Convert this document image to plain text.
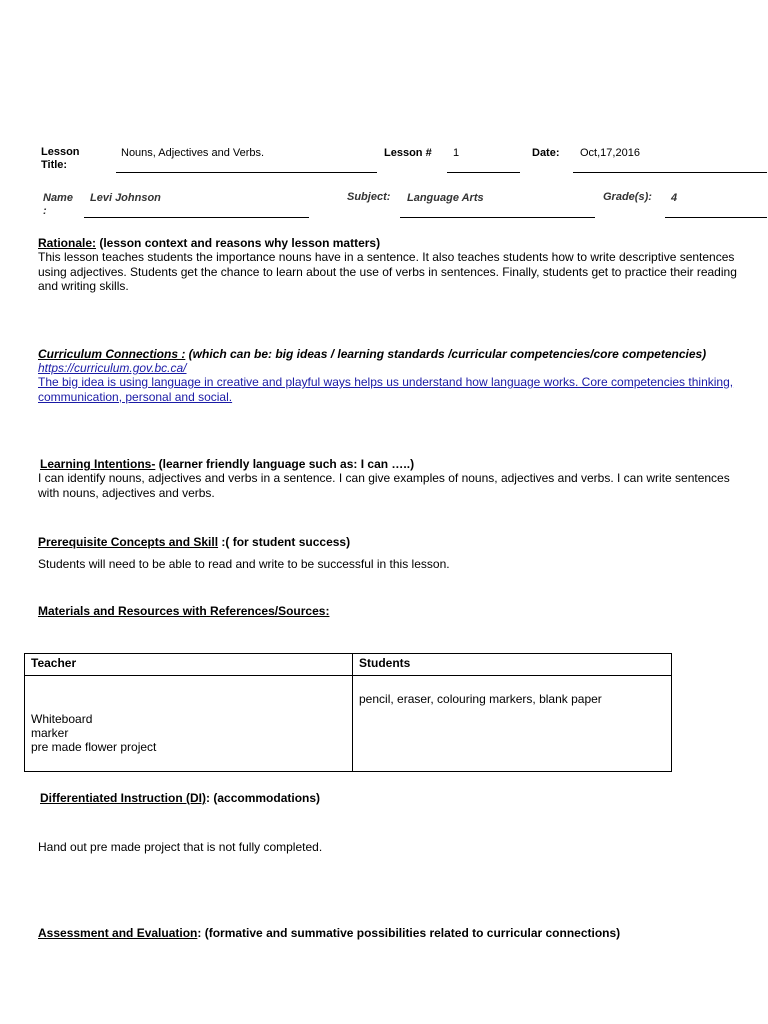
Lesson Title:
Nouns, Adjectives and Verbs.	Lesson # 1	Date: Oct,17,2016
Name :
Levi Johnson	Subject: Language Arts	Grade(s): 4
Rationale: (lesson context and reasons why lesson matters)
This lesson teaches students the importance nouns have in a sentence. It also teaches students how to write descriptive sentences using adjectives. Students get the chance to learn about the use of verbs in sentences. Finally, students get to practice their reading and writing skills.
Curriculum Connections : (which can be: big ideas / learning standards /curricular competencies/core competencies)
https://curriculum.gov.bc.ca/
The big idea is using language in creative and playful ways helps us understand how language works. Core competencies thinking, communication, personal and social.
Learning Intentions- (learner friendly language such as: I can …..)
I can identify nouns, adjectives and verbs in a sentence. I can give examples of nouns, adjectives and verbs. I can write sentences with nouns, adjectives and verbs.
Prerequisite Concepts and Skill :( for student success)
Students will need to be able to read and write to be successful in this lesson.
Materials and Resources with References/Sources:
Teacher	Students

Whiteboard
marker
pre made flower project	pencil, eraser, colouring markers, blank paper
Differentiated Instruction (DI): (accommodations)
Hand out pre made project that is not fully completed.
Assessment and Evaluation: (formative and summative possibilities related to curricular connections)
